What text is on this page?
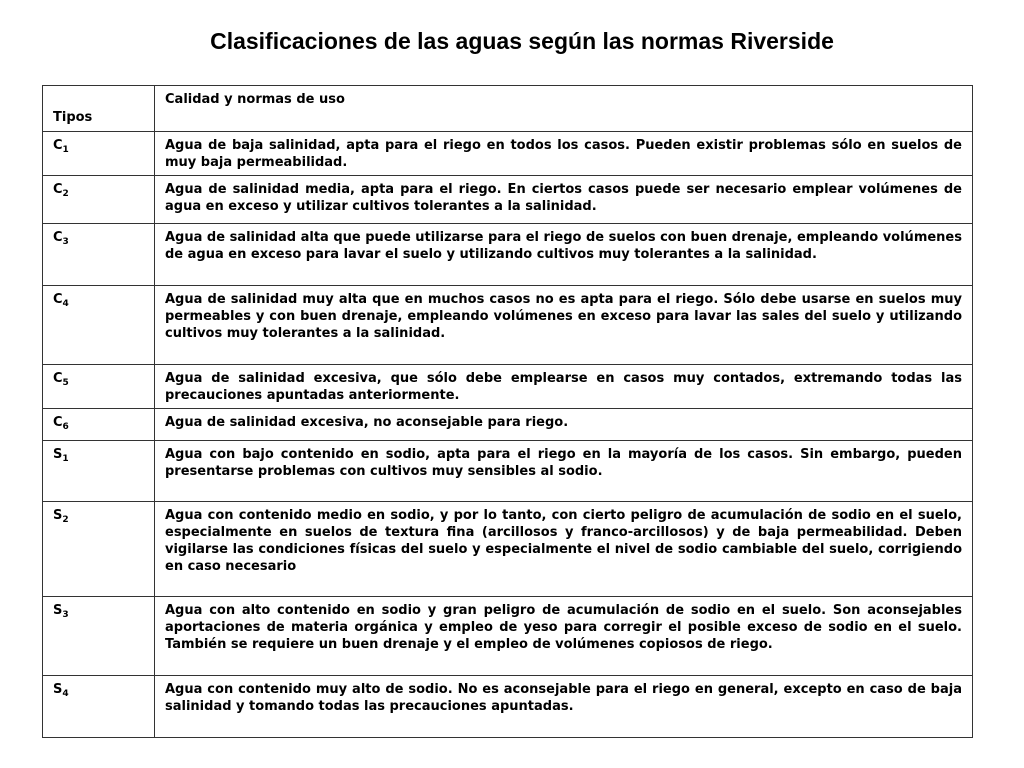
Clasificaciones de las aguas según las normas Riverside
Tipos	Calidad y normas de uso
$C_1$	Agua de baja salinidad, apta para el riego en todos los casos. Pueden existir problemas sólo en suelos de muy baja permeabilidad.
$C_2$	Agua de salinidad media, apta para el riego. En ciertos casos puede ser necesario emplear volúmenes de agua en exceso y utilizar cultivos tolerantes a la salinidad.
$C_3$	Agua de salinidad alta que puede utilizarse para el riego de suelos con buen drenaje, empleando volúmenes de agua en exceso para lavar el suelo y utilizando cultivos muy tolerantes a la salinidad.
$C_4$	Agua de salinidad muy alta que en muchos casos no es apta para el riego. Sólo debe usarse en suelos muy permeables y con buen drenaje, empleando volúmenes en exceso para lavar las sales del suelo y utilizando cultivos muy tolerantes a la salinidad.
$C_5$	Agua de salinidad excesiva, que sólo debe emplearse en casos muy contados, extremando todas las precauciones apuntadas anteriormente.
$C_6$	Agua de salinidad excesiva, no aconsejable para riego.
$S_1$	Agua con bajo contenido en sodio, apta para el riego en la mayoría de los casos. Sin embargo, pueden presentarse problemas con cultivos muy sensibles al sodio.
$S_2$	Agua con contenido medio en sodio, y por lo tanto, con cierto peligro de acumulación de sodio en el suelo, especialmente en suelos de textura fina (arcillosos y franco-arcillosos) y de baja permeabilidad. Deben vigilarse las condiciones físicas del suelo y especialmente el nivel de sodio cambiable del suelo, corrigiendo en caso necesario
$S_3$	Agua con alto contenido en sodio y gran peligro de acumulación de sodio en el suelo. Son aconsejables aportaciones de materia orgánica y empleo de yeso para corregir el posible exceso de sodio en el suelo. También se requiere un buen drenaje y el empleo de volúmenes copiosos de riego.
$S_4$	Agua con contenido muy alto de sodio. No es aconsejable para el riego en general, excepto en caso de baja salinidad y tomando todas las precauciones apuntadas.
